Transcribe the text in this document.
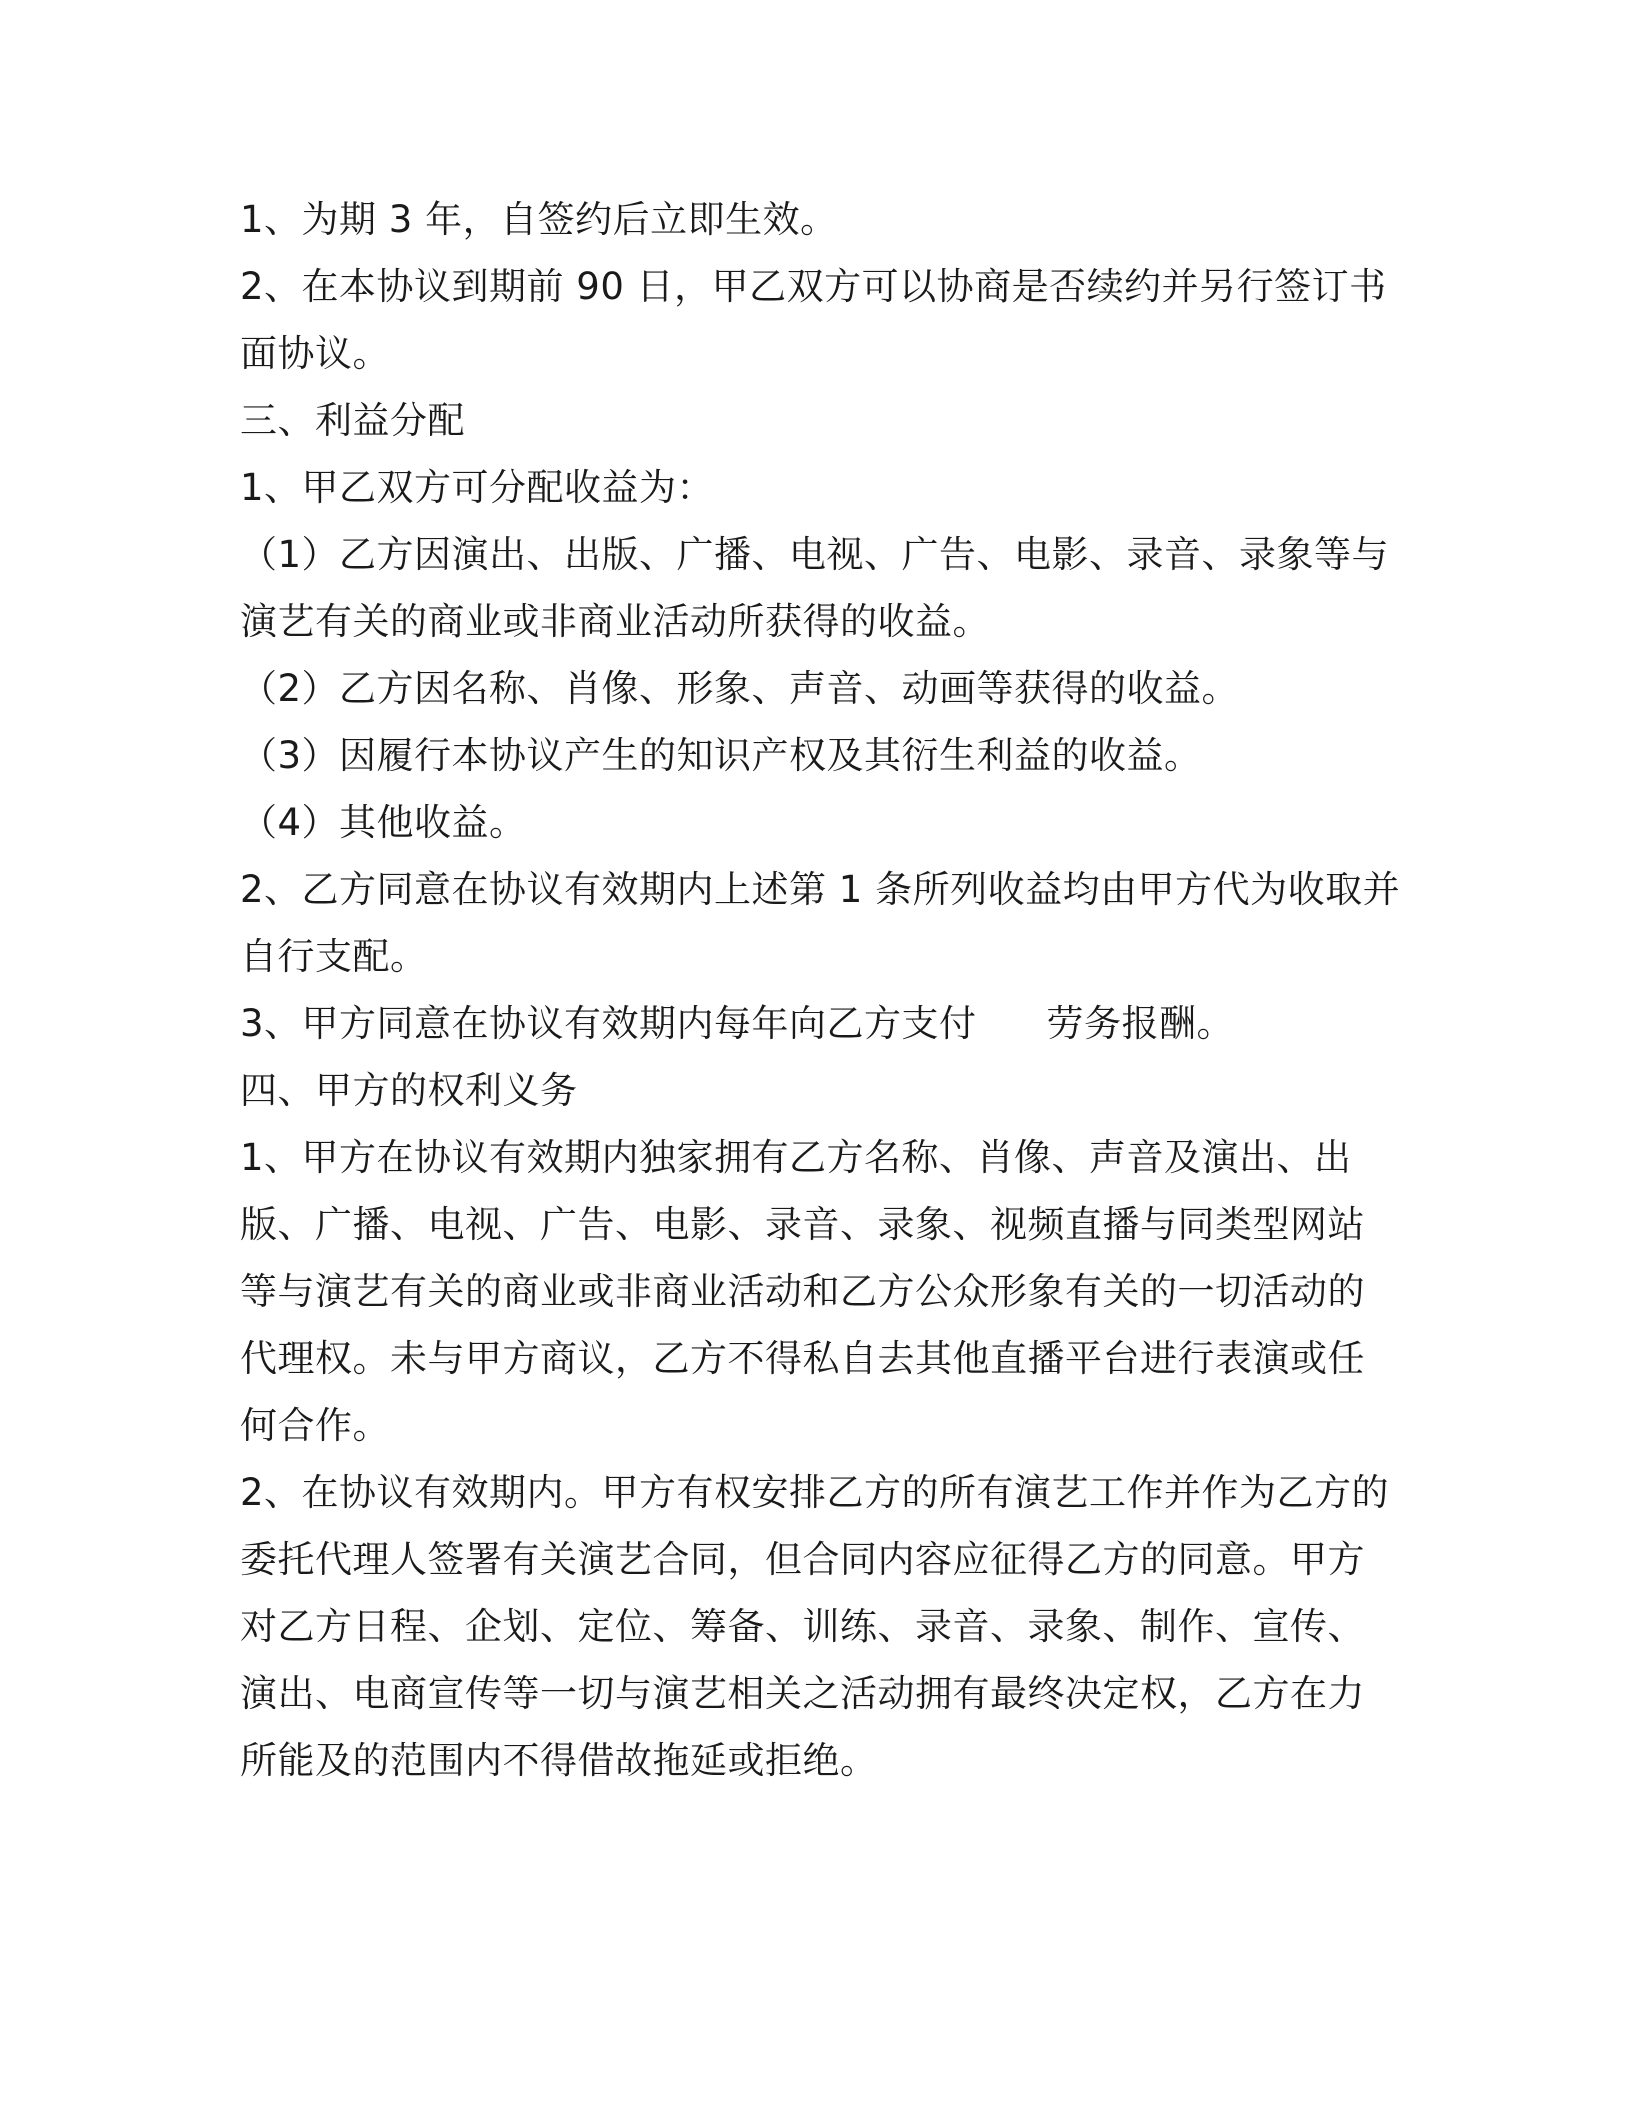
1、为期 3 年，自签约后立即生效。
2、在本协议到期前 90 日，甲乙双方可以协商是否续约并另行签订书
面协议。
三、利益分配
1、甲乙双方可分配收益为：
（1）乙方因演出、出版、广播、电视、广告、电影、录音、录象等与
演艺有关的商业或非商业活动所获得的收益。
（2）乙方因名称、肖像、形象、声音、动画等获得的收益。
（3）因履行本协议产生的知识产权及其衍生利益的收益。
（4）其他收益。
2、乙方同意在协议有效期内上述第 1 条所列收益均由甲方代为收取并
自行支配。
3、甲方同意在协议有效期内每年向乙方支付 劳务报酬。
四、甲方的权利义务
1、甲方在协议有效期内独家拥有乙方名称、肖像、声音及演出、出
版、广播、电视、广告、电影、录音、录象、视频直播与同类型网站
等与演艺有关的商业或非商业活动和乙方公众形象有关的一切活动的
代理权。未与甲方商议，乙方不得私自去其他直播平台进行表演或任
何合作。
2、在协议有效期内。甲方有权安排乙方的所有演艺工作并作为乙方的
委托代理人签署有关演艺合同，但合同内容应征得乙方的同意。甲方
对乙方日程、企划、定位、筹备、训练、录音、录象、制作、宣传、
演出、电商宣传等一切与演艺相关之活动拥有最终决定权，乙方在力
所能及的范围内不得借故拖延或拒绝。
